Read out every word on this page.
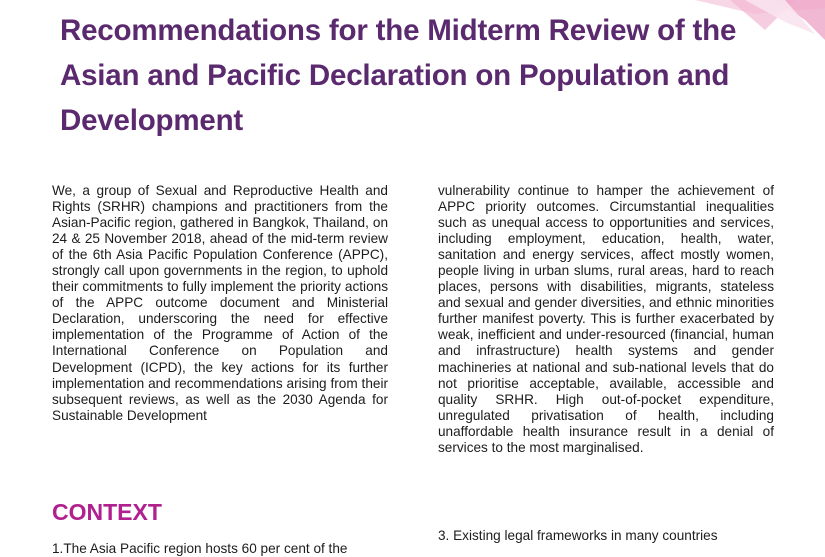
Recommendations for the Midterm Review of the Asian and Pacific Declaration on Population and Development

We, a group of Sexual and Reproductive Health and Rights (SRHR) champions and practitioners from the Asian-Pacific region, gathered in Bangkok, Thailand, on 24 & 25 November 2018, ahead of the mid-term review of the 6th Asia Pacific Population Conference (APPC), strongly call upon governments in the region, to uphold their commitments to fully implement the priority actions of the APPC outcome document and Ministerial Declaration, underscoring the need for effective implementation of the Programme of Action of the International Conference on Population and Development (ICPD), the key actions for its further implementation and recommendations arising from their subsequent reviews, as well as the 2030 Agenda for Sustainable Development

CONTEXT

1.The Asia Pacific region hosts 60 per cent of the

vulnerability continue to hamper the achievement of APPC priority outcomes. Circumstantial inequalities such as unequal access to opportunities and services, including employment, education, health, water, sanitation and energy services, affect mostly women, people living in urban slums, rural areas, hard to reach places, persons with disabilities, migrants, stateless and sexual and gender diversities, and ethnic minorities further manifest poverty. This is further exacerbated by weak, inefficient and under-resourced (financial, human and infrastructure) health systems and gender machineries at national and sub-national levels that do not prioritise acceptable, available, accessible and quality SRHR. High out-of-pocket expenditure, unregulated privatisation of health, including unaffordable health insurance result in a denial of services to the most marginalised.

3. Existing legal frameworks in many countries
